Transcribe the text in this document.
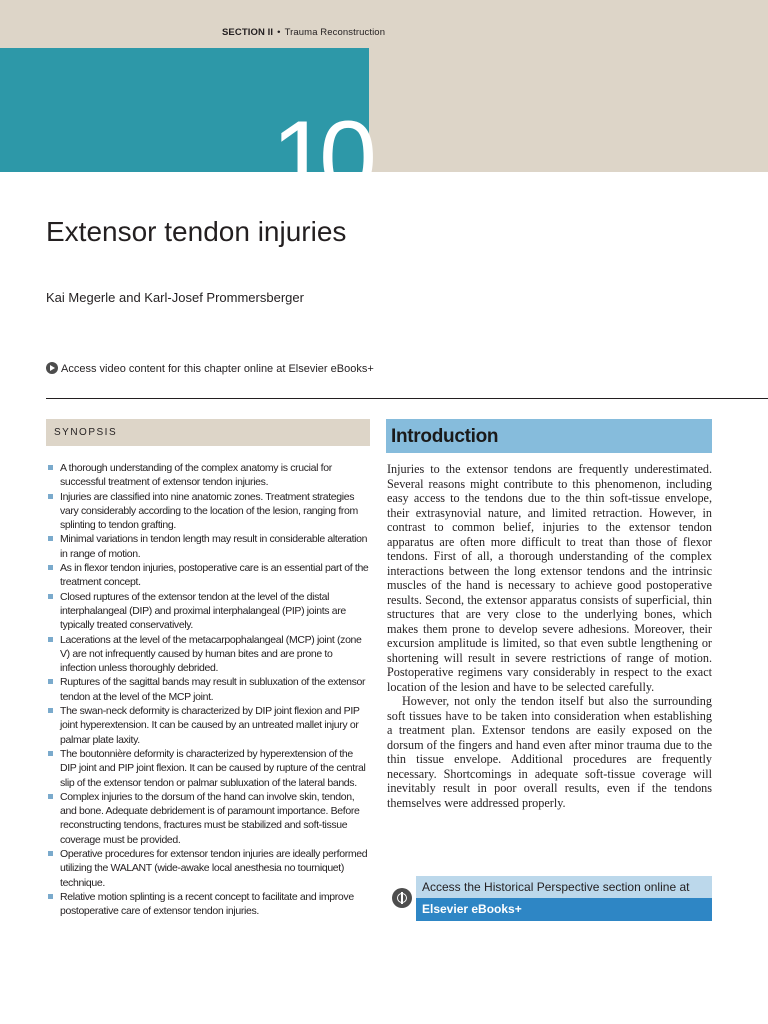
SECTION II • Trauma Reconstruction
10
Extensor tendon injuries
Kai Megerle and Karl-Josef Prommersberger
Access video content for this chapter online at Elsevier eBooks+
SYNOPSIS
A thorough understanding of the complex anatomy is crucial for successful treatment of extensor tendon injuries.
Injuries are classified into nine anatomic zones. Treatment strategies vary considerably according to the location of the lesion, ranging from splinting to tendon grafting.
Minimal variations in tendon length may result in considerable alteration in range of motion.
As in flexor tendon injuries, postoperative care is an essential part of the treatment concept.
Closed ruptures of the extensor tendon at the level of the distal interphalangeal (DIP) and proximal interphalangeal (PIP) joints are typically treated conservatively.
Lacerations at the level of the metacarpophalangeal (MCP) joint (zone V) are not infrequently caused by human bites and are prone to infection unless thoroughly debrided.
Ruptures of the sagittal bands may result in subluxation of the extensor tendon at the level of the MCP joint.
The swan-neck deformity is characterized by DIP joint flexion and PIP joint hyperextension. It can be caused by an untreated mallet injury or palmar plate laxity.
The boutonnière deformity is characterized by hyperextension of the DIP joint and PIP joint flexion. It can be caused by rupture of the central slip of the extensor tendon or palmar subluxation of the lateral bands.
Complex injuries to the dorsum of the hand can involve skin, tendon, and bone. Adequate debridement is of paramount importance. Before reconstructing tendons, fractures must be stabilized and soft-tissue coverage must be provided.
Operative procedures for extensor tendon injuries are ideally performed utilizing the WALANT (wide-awake local anesthesia no tourniquet) technique.
Relative motion splinting is a recent concept to facilitate and improve postoperative care of extensor tendon injuries.
Introduction

Injuries to the extensor tendons are frequently underestimated. Several reasons might contribute to this phenomenon, including easy access to the tendons due to the thin soft-tissue envelope, their extrasynovial nature, and limited retraction. However, in contrast to common belief, injuries to the extensor tendon apparatus are often more difficult to treat than those of flexor tendons. First of all, a thorough understanding of the complex interactions between the long extensor tendons and the intrinsic muscles of the hand is necessary to achieve good postoperative results. Second, the extensor apparatus consists of superficial, thin structures that are very close to the underlying bones, which makes them prone to develop severe adhesions. Moreover, their excursion amplitude is limited, so that even subtle lengthening or shortening will result in severe restrictions of range of motion. Postoperative regimens vary considerably in respect to the exact location of the lesion and have to be selected carefully.

However, not only the tendon itself but also the surrounding soft tissues have to be taken into consideration when establishing a treatment plan. Extensor tendons are easily exposed on the dorsum of the fingers and hand even after minor trauma due to the thin tissue envelope. Additional procedures are frequently necessary. Shortcomings in adequate soft-tissue coverage will inevitably result in poor overall results, even if the tendons themselves were addressed properly.

Access the Historical Perspective section online at
Elsevier eBooks+
